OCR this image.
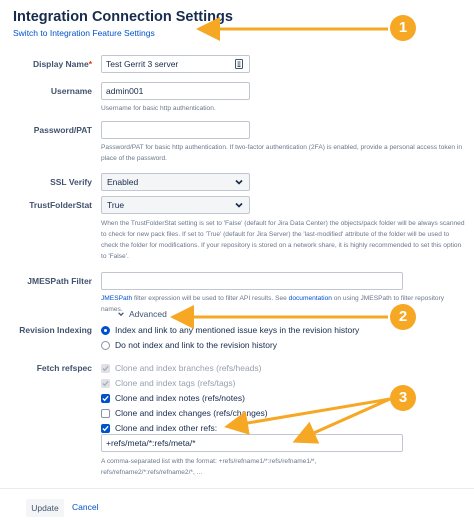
Integration Connection Settings
Switch to Integration Feature Settings
Display Name*	Test Gerrit 3 server
Username	admin001
Username for basic http authentication.
Password/PAT
Password/PAT for basic http authentication. If two-factor authentication (2FA) is enabled, provide a personal access token in place of the password.
SSL Verify	Enabled
TrustFolderStat	True
When the TrustFolderStat setting is set to 'False' (default for Jira Data Center) the objects/pack folder will be always scanned to check for new pack files. If set to 'True' (default for Jira Server) the 'last-modified' attribute of the folder will be used to check the folder for modifications. If your repository is stored on a network share, it is highly recommended to set this option to 'False'.
JMESPath Filter
JMESPath filter expression will be used to filter API results. See documentation on using JMESPath to filter repository names. Advanced
Revision Indexing	Index and link to any mentioned issue keys in the revision history
Do not index and link to the revision history
Fetch refspec	Clone and index branches (refs/heads)
Clone and index tags (refs/tags)
Clone and index notes (refs/notes)
Clone and index changes (refs/changes)
Clone and index other refs:
+refs/meta/*:refs/meta/*
A comma-separated list with the format: +refs/refname1/*:refs/refname1/*, refs/refname2/*:refs/refname2/*, ...
Update	Cancel
1
2
3
